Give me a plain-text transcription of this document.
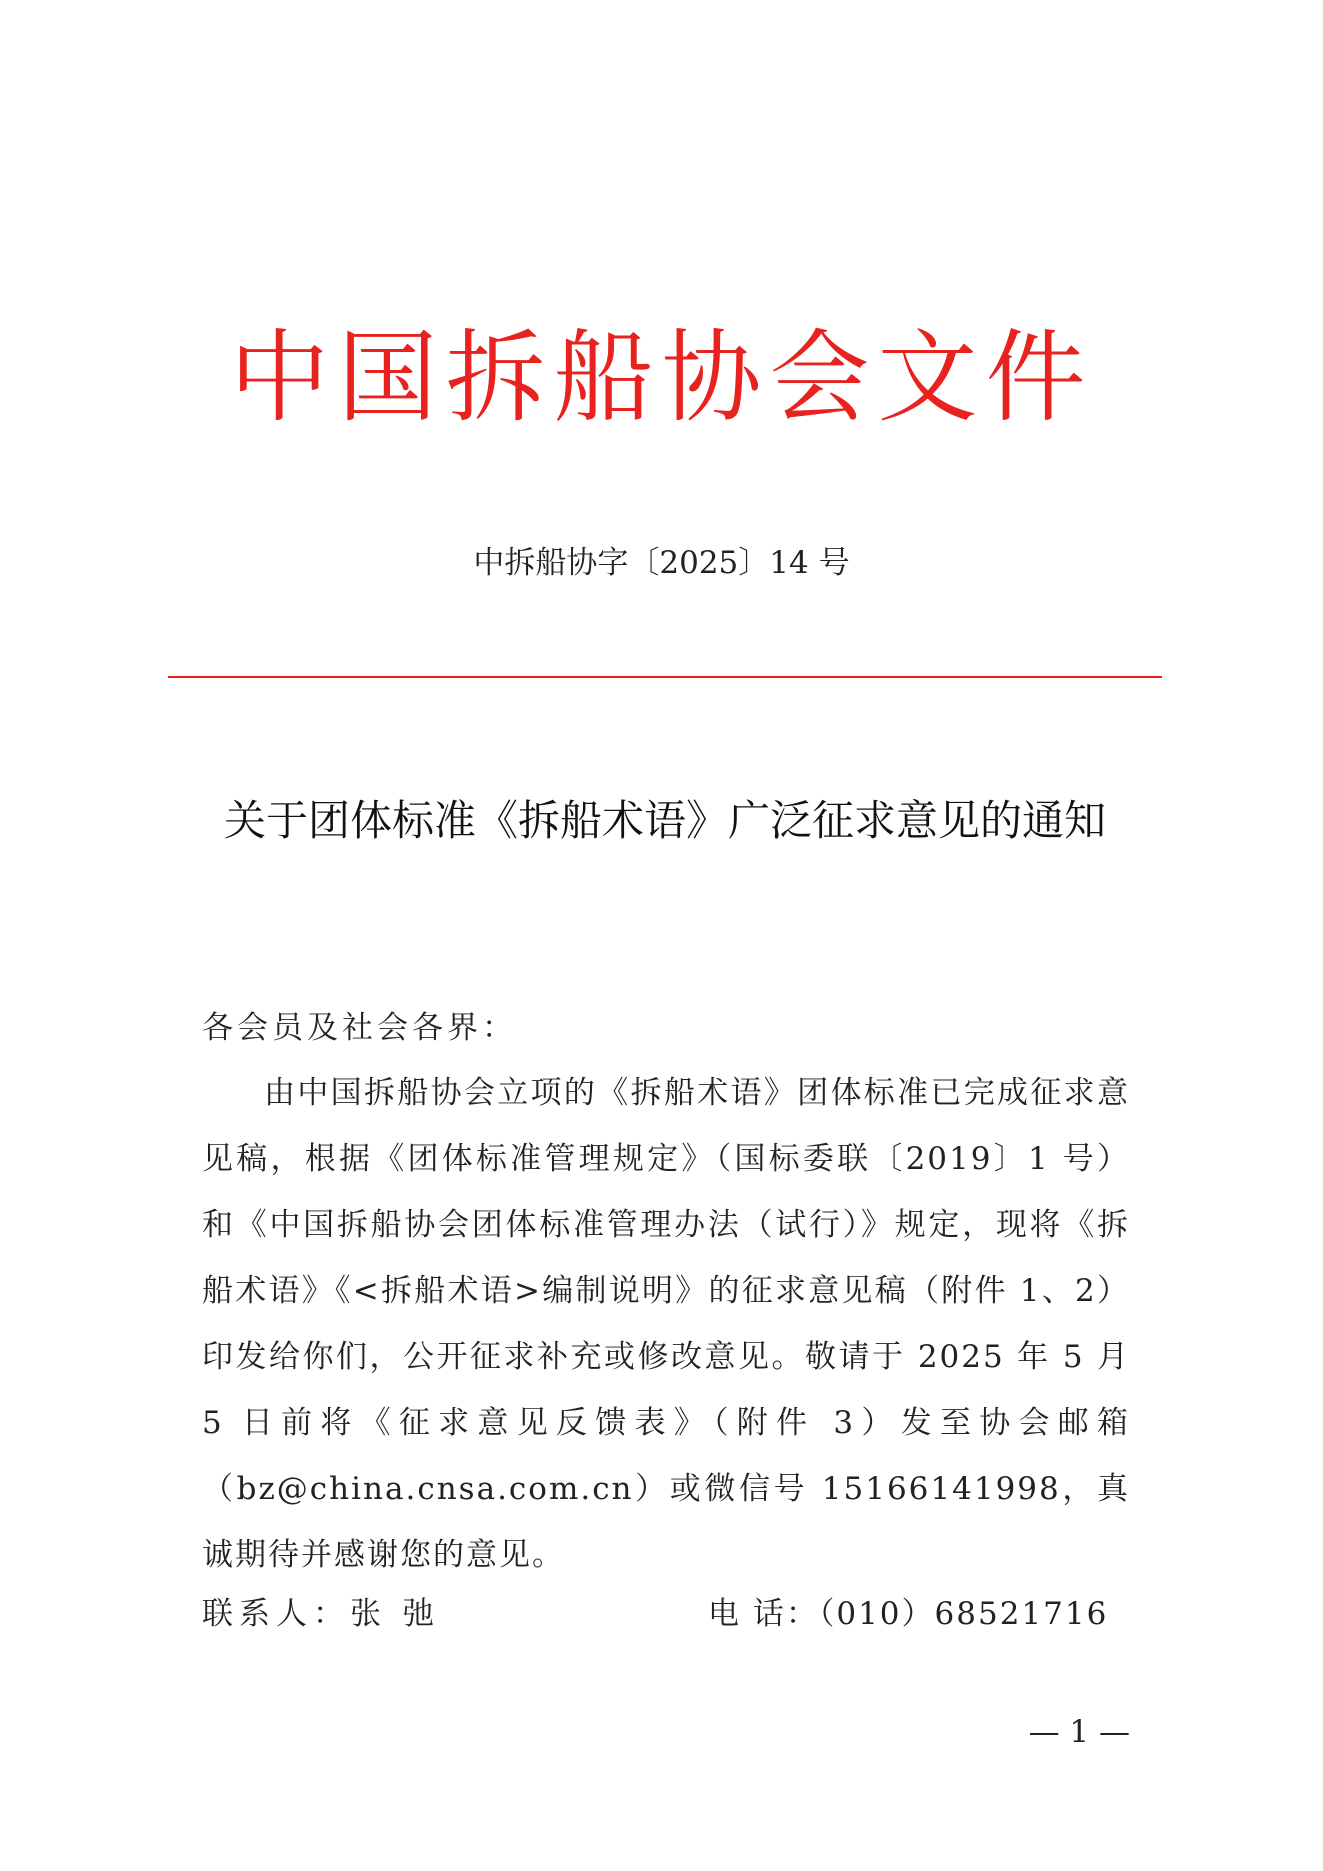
中国拆船协会文件
中拆船协字〔2025〕14 号
关于团体标准《拆船术语》广泛征求意见的通知
各会员及社会各界：
由中国拆船协会立项的《拆船术语》团体标准已完成征求意见稿，根据《团体标准管理规定》（国标委联〔2019〕1 号）和《中国拆船协会团体标准管理办法（试行）》规定，现将《拆船术语》《<拆船术语>编制说明》的征求意见稿（附件 1、2）印发给你们，公开征求补充或修改意见。敬请于 2025 年 5 月 5 日前将《征求意见反馈表》（附件 3）发至协会邮箱（bz@china.cnsa.com.cn）或微信号 15166141998，真诚期待并感谢您的意见。
联系人：张 弛	电 话：（010）68521716
— 1 —
